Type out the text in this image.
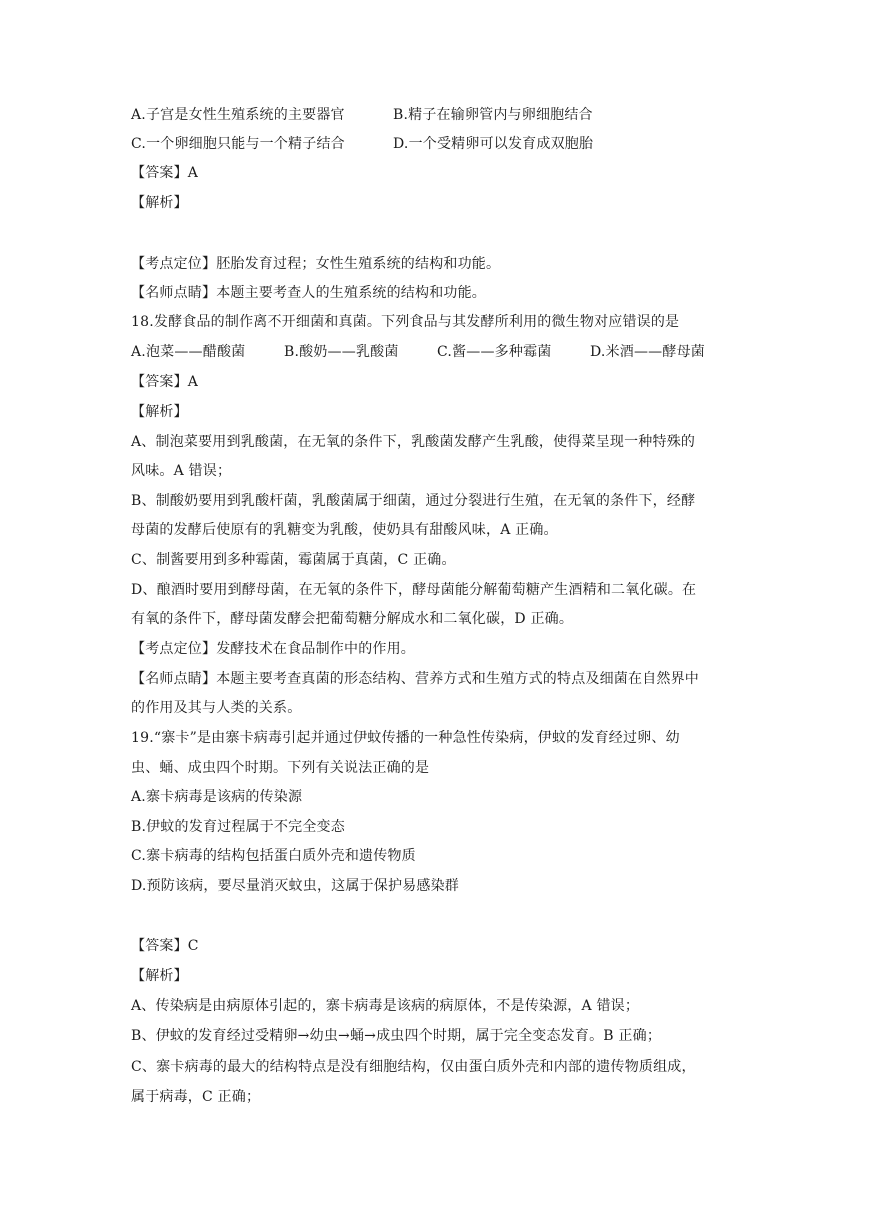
A.子宫是女性生殖系统的主要器官	B.精子在输卵管内与卵细胞结合
C.一个卵细胞只能与一个精子结合	D.一个受精卵可以发育成双胞胎
【答案】A
【解析】
【考点定位】胚胎发育过程；女性生殖系统的结构和功能。
【名师点睛】本题主要考查人的生殖系统的结构和功能。
18.发酵食品的制作离不开细菌和真菌。下列食品与其发酵所利用的微生物对应错误的是
A.泡菜——醋酸菌	B.酸奶——乳酸菌	C.酱——多种霉菌	D.米酒——酵母菌
【答案】A
【解析】
A、制泡菜要用到乳酸菌，在无氧的条件下，乳酸菌发酵产生乳酸，使得菜呈现一种特殊的
风味。A 错误；
B、制酸奶要用到乳酸杆菌，乳酸菌属于细菌，通过分裂进行生殖，在无氧的条件下，经酵
母菌的发酵后使原有的乳糖变为乳酸，使奶具有甜酸风味，A 正确。
C、制酱要用到多种霉菌，霉菌属于真菌，C 正确。
D、酿酒时要用到酵母菌，在无氧的条件下，酵母菌能分解葡萄糖产生酒精和二氧化碳。在
有氧的条件下，酵母菌发酵会把葡萄糖分解成水和二氧化碳，D 正确。
【考点定位】发酵技术在食品制作中的作用。
【名师点睛】本题主要考查真菌的形态结构、营养方式和生殖方式的特点及细菌在自然界中
的作用及其与人类的关系。
19.“寨卡”是由寨卡病毒引起并通过伊蚊传播的一种急性传染病，伊蚊的发育经过卵、幼
虫、蛹、成虫四个时期。下列有关说法正确的是
A.寨卡病毒是该病的传染源
B.伊蚊的发育过程属于不完全变态
C.寨卡病毒的结构包括蛋白质外壳和遗传物质
D.预防该病，要尽量消灭蚊虫，这属于保护易感染群
【答案】C
【解析】
A、传染病是由病原体引起的，寨卡病毒是该病的病原体，不是传染源，A 错误；
B、伊蚊的发育经过受精卵→幼虫→蛹→成虫四个时期，属于完全变态发育。B 正确；
C、寨卡病毒的最大的结构特点是没有细胞结构，仅由蛋白质外壳和内部的遗传物质组成，
属于病毒，C 正确；
